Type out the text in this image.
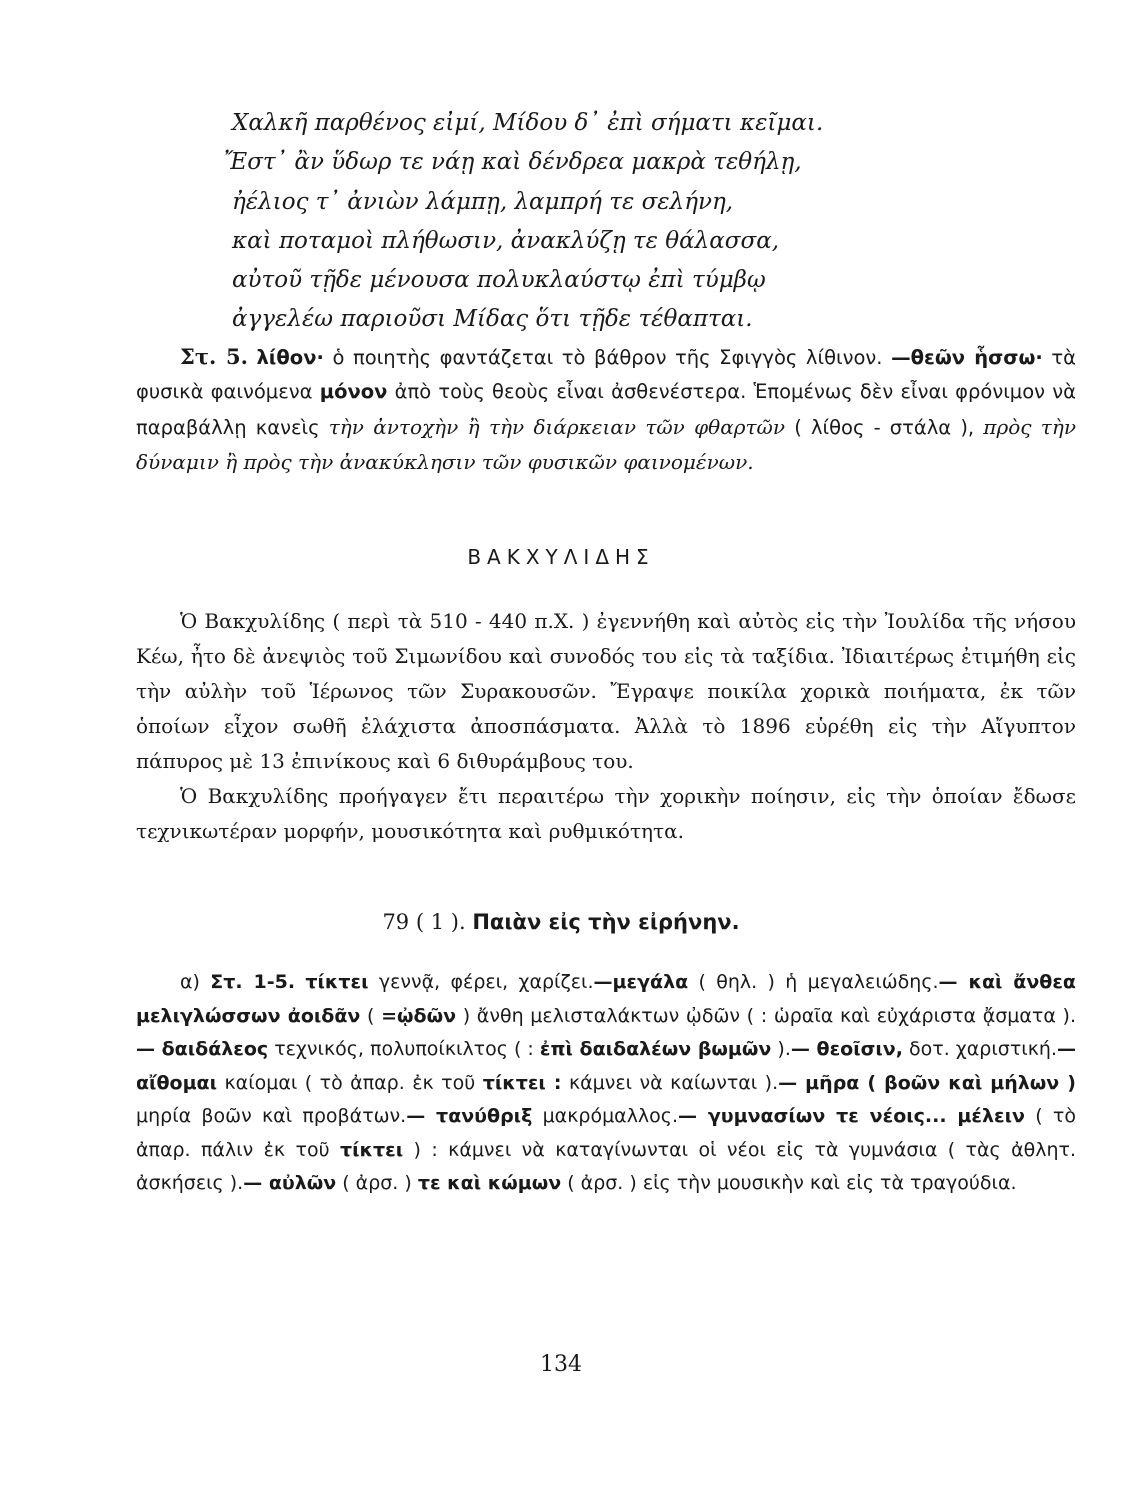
Χαλκῆ παρθένος εἰμί, Μίδου δ᾿ ἐπὶ σήματι κεῖμαι.
Ἔστ᾿ ἂν ὕδωρ τε νάῃ καὶ δένδρεα μακρὰ τεθήλῃ,
ἠέλιος τ᾿ ἀνιὼν λάμπῃ, λαμπρή τε σελήνη,
καὶ ποταμοὶ πλήθωσιν, ἀνακλύζῃ τε θάλασσα,
αὐτοῦ τῇδε μένουσα πολυκλαύστῳ ἐπὶ τύμβῳ
ἀγγελέω παριοῦσι Μίδας ὅτι τῇδε τέθαπται.
Στ. 5. λίθον· ὁ ποιητὴς φαντάζεται τὸ βάθρον τῆς Σφιγγὸς λίθινον. —θεῶν ἧσσω· τὰ φυσικὰ φαινόμενα μόνον ἀπὸ τοὺς θεοὺς εἶναι ἀσθενέστερα. Ἑπομένως δὲν εἶναι φρόνιμον νὰ παραβάλλῃ κανεὶς τὴν ἀντοχὴν ἢ τὴν διάρκειαν τῶν φθαρτῶν ( λίθος - στάλα ), πρὸς τὴν δύναμιν ἢ πρὸς τὴν ἀνακύκλησιν τῶν φυσικῶν φαινομένων.
ΒΑΚΧΥΛΙΔΗΣ
Ὁ Βακχυλίδης ( περὶ τὰ 510 - 440 π.Χ. ) ἐγεννήθη καὶ αὐτὸς εἰς τὴν Ἰουλίδα τῆς νήσου Κέω, ἦτο δὲ ἀνεψιὸς τοῦ Σιμωνίδου καὶ συνοδός του εἰς τὰ ταξίδια. Ἰδιαιτέρως ἐτιμήθη εἰς τὴν αὐλὴν τοῦ Ἱέρωνος τῶν Συρακουσῶν. Ἔγραψε ποικίλα χορικὰ ποιήματα, ἐκ τῶν ὁποίων εἶχον σωθῆ ἐλάχιστα ἀποσπάσματα. Ἀλλὰ τὸ 1896 εὑρέθη εἰς τὴν Αἴγυπτον πάπυρος μὲ 13 ἐπινίκους καὶ 6 διθυράμβους του.
Ὁ Βακχυλίδης προήγαγεν ἔτι περαιτέρω τὴν χορικὴν ποίησιν, εἰς τὴν ὁποίαν ἔδωσε τεχνικωτέραν μορφήν, μουσικότητα καὶ ρυθμικότητα.
79 ( 1 ). Παιὰν εἰς τὴν εἰρήνην.
α) Στ. 1-5. τίκτει γεννᾷ, φέρει, χαρίζει.—μεγάλα ( θηλ. ) ἡ μεγαλειώδης.— καὶ ἄνθεα μελιγλώσσων ἀοιδᾶν ( =ᾠδῶν ) ἄνθη μελισταλάκτων ᾠδῶν ( : ὡραῖα καὶ εὐχάριστα ᾄσματα ).— δαιδάλεος τεχνικός, πολυποίκιλτος ( : ἐπὶ δαιδαλέων βωμῶν ).— θεοῖσιν, δοτ. χαριστική.— αἴθομαι καίομαι ( τὸ ἀπαρ. ἐκ τοῦ τίκτει : κάμνει νὰ καίωνται ).— μῆρα ( βοῶν καὶ μήλων ) μηρία βοῶν καὶ προβάτων.— τανύθριξ μακρόμαλλος.— γυμνασίων τε νέοις... μέλειν ( τὸ ἀπαρ. πάλιν ἐκ τοῦ τίκτει ) : κάμνει νὰ καταγίνωνται οἱ νέοι εἰς τὰ γυμνάσια ( τὰς ἀθλητ. ἀσκήσεις ).— αὐλῶν ( ἀρσ. ) τε καὶ κώμων ( ἀρσ. ) εἰς τὴν μουσικὴν καὶ εἰς τὰ τραγούδια.
134
